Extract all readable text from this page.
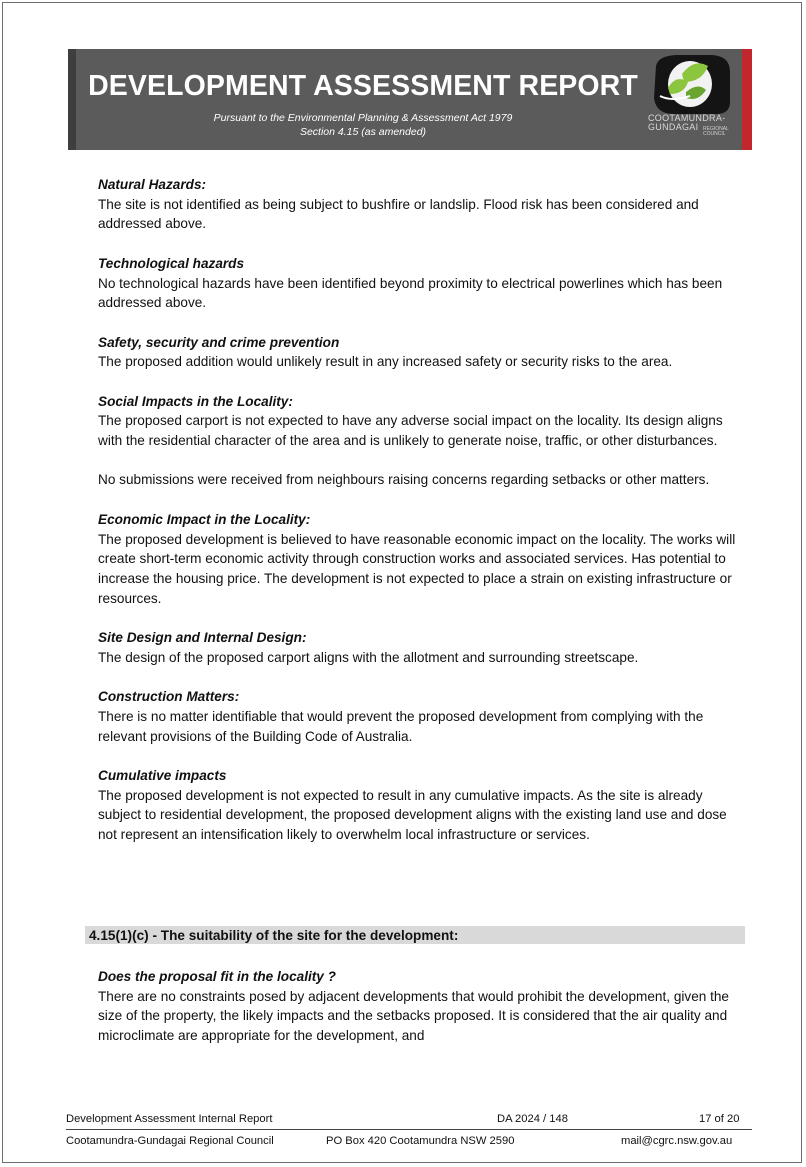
DEVELOPMENT ASSESSMENT REPORT
Pursuant to the Environmental Planning & Assessment Act 1979
Section 4.15 (as amended)
COOTAMUNDRA-
GUNDAGAI REGIONAL
COUNCIL
Natural Hazards:

The site is not identified as being subject to bushfire or landslip. Flood risk has been considered and addressed above.

Technological hazards

No technological hazards have been identified beyond proximity to electrical powerlines which has been addressed above.

Safety, security and crime prevention

The proposed addition would unlikely result in any increased safety or security risks to the area.

Social Impacts in the Locality:

The proposed carport is not expected to have any adverse social impact on the locality. Its design aligns with the residential character of the area and is unlikely to generate noise, traffic, or other disturbances.

No submissions were received from neighbours raising concerns regarding setbacks or other matters.

Economic Impact in the Locality:

The proposed development is believed to have reasonable economic impact on the locality. The works will create short-term economic activity through construction works and associated services. Has potential to increase the housing price. The development is not expected to place a strain on existing infrastructure or resources.

Site Design and Internal Design:

The design of the proposed carport aligns with the allotment and surrounding streetscape.

Construction Matters:

There is no matter identifiable that would prevent the proposed development from complying with the relevant provisions of the Building Code of Australia.

Cumulative impacts

The proposed development is not expected to result in any cumulative impacts. As the site is already subject to residential development, the proposed development aligns with the existing land use and dose not represent an intensification likely to overwhelm local infrastructure or services.

4.15(1)(c) - The suitability of the site for the development:
Does the proposal fit in the locality ?

There are no constraints posed by adjacent developments that would prohibit the development, given the size of the property, the likely impacts and the setbacks proposed. It is considered that the air quality and microclimate are appropriate for the development, and

Development Assessment Internal Report	DA 2024 / 148	17 of 20
Cootamundra-Gundagai Regional Council	PO Box 420 Cootamundra NSW 2590	mail@cgrc.nsw.gov.au
